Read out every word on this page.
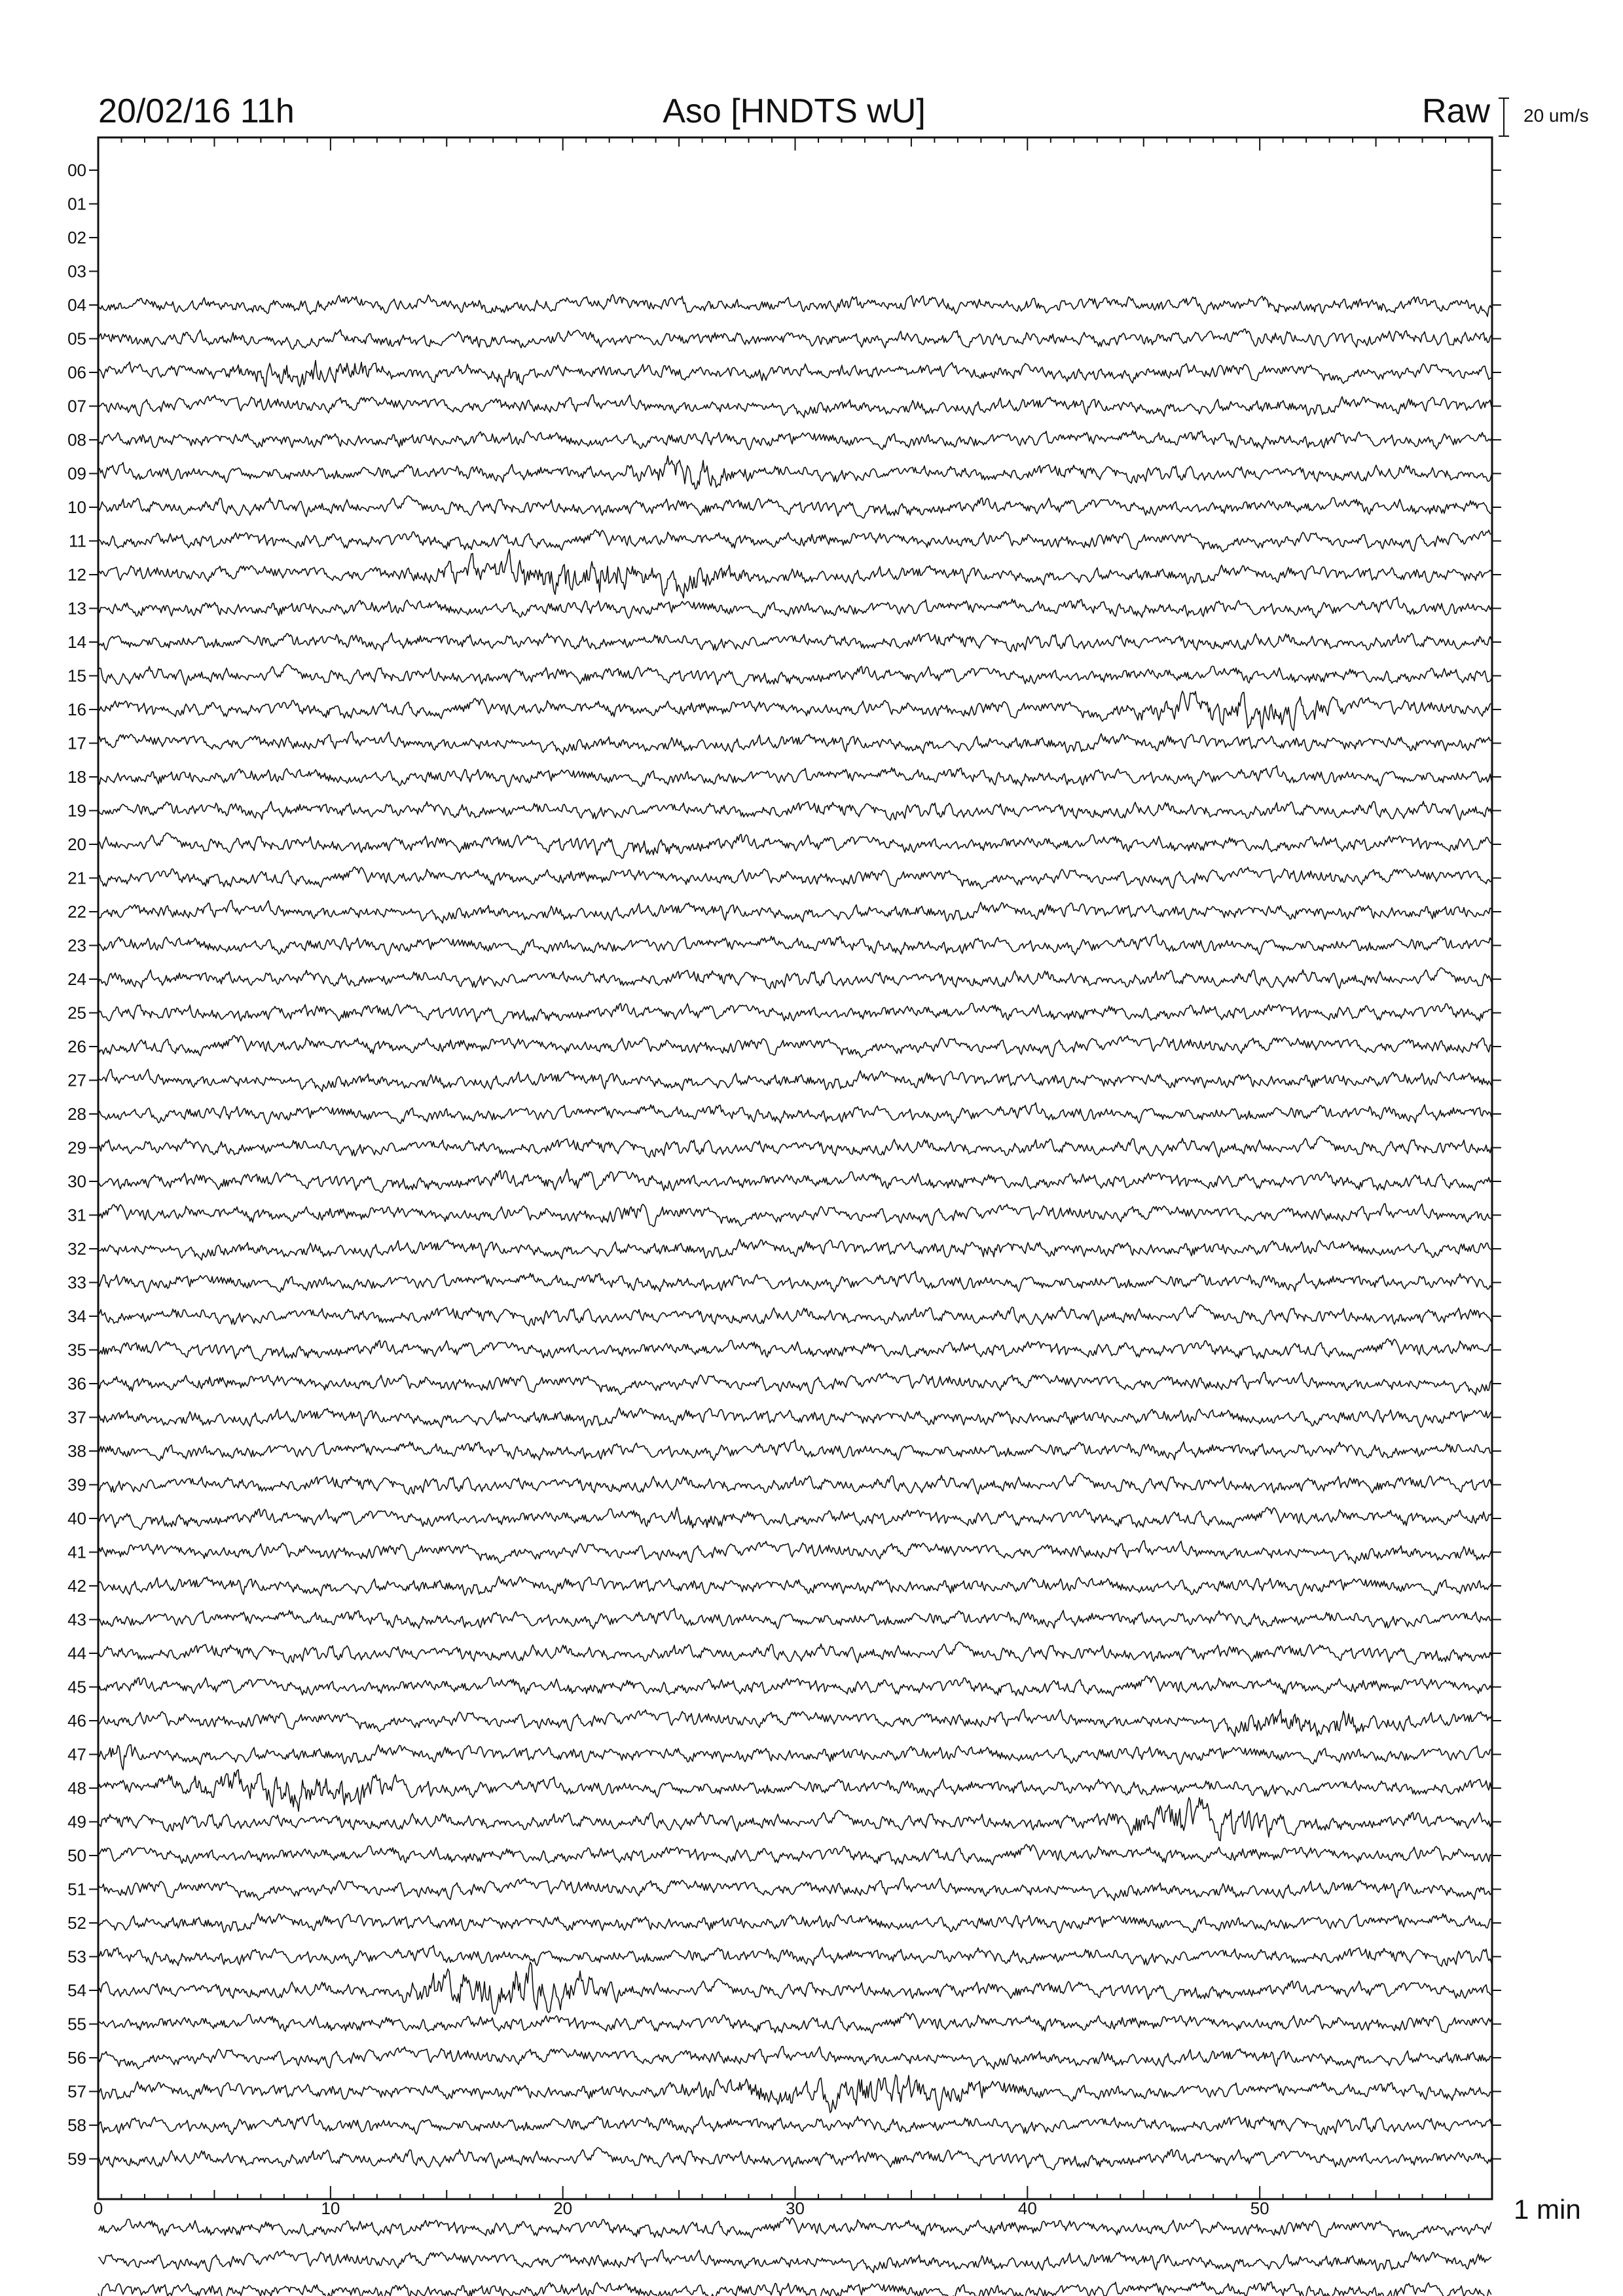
20/02/16 11h	Aso [HNDTS wU]	Raw 20 um/s
00
01
02
03
04
05
06
07
08
09
10
11
12
13
14
15
16
17
18
19
20
21
22
23
24
25
26
27
28
29
30
31
32
33
34
35
36
37
38
39
40
41
42
43
44
45
46
47
48
49
50
51
52
53
54
55
56
57
58
59
0	10	20	30	40	50	1 min
